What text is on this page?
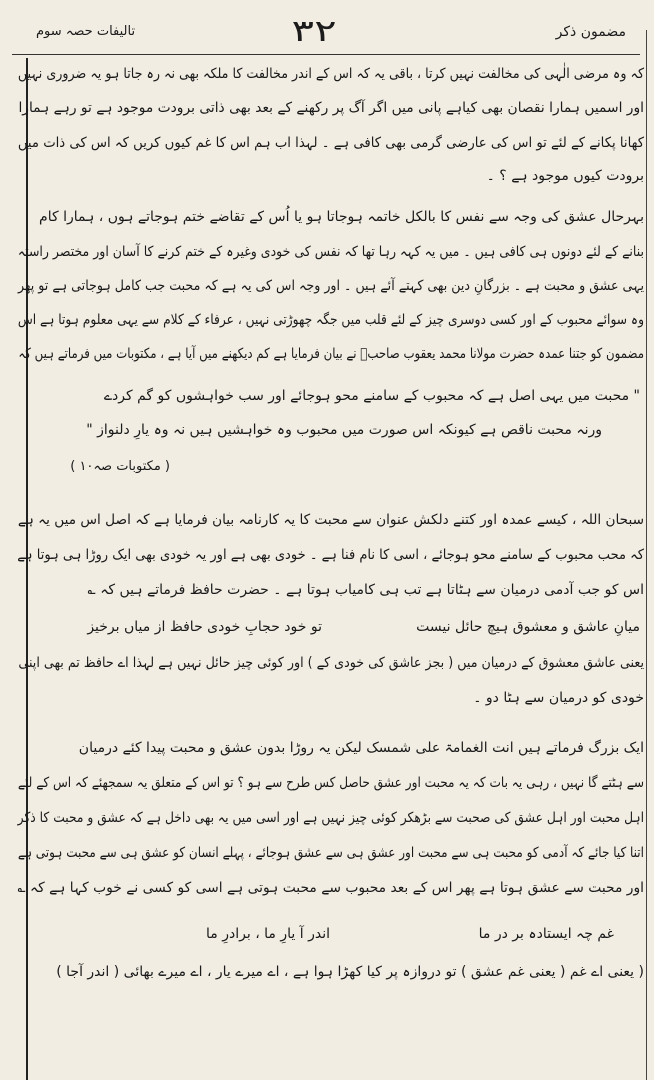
تالیفات حصہ سوم	۳۲	مضمون ذکر
کہ وہ مرضی الٰہی کی مخالفت نہیں کرتا ، باقی یہ کہ اس کے اندر مخالفت کا ملکہ بھی نہ رہ جاتا ہو یہ ضروری نہیں
اور اسمیں ہمارا نقصان بھی کیاہے پانی میں اگر آگ پر رکھنے کے بعد بھی ذاتی برودت موجود ہے تو رہے ہمارا
کھانا پکانے کے لئے تو اس کی عارضی گرمی بھی کافی ہے ۔ لہذا اب ہم اس کا غم کیوں کریں کہ اس کی ذات میں
برودت کیوں موجود ہے ؟ ۔
بہرحال عشق کی وجہ سے نفس کا بالکل خاتمہ ہوجاتا ہو یا اُس کے تقاضے ختم ہوجاتے ہوں ، ہمارا کام
بنانے کے لئے دونوں ہی کافی ہیں ۔ میں یہ کہہ رہا تھا کہ نفس کی خودی وغیرہ کے ختم کرنے کا آسان اور مختصر راستہ
یہی عشق و محبت ہے ۔ بزرگانِ دین بھی کہتے آئے ہیں ۔ اور وجہ اس کی یہ ہے کہ محبت جب کامل ہوجاتی ہے تو پھر
وہ سوائے محبوب کے اور کسی دوسری چیز کے لئے قلب میں جگہ چھوڑتی نہیں ، عرفاء کے کلام سے یہی معلوم ہوتا ہے اس
مضمون کو جتنا عمدہ حضرت مولانا محمد یعقوب صاحبؒ نے بیان فرمایا ہے کم دیکھنے میں آیا ہے ، مکتوبات میں فرماتے ہیں کہ
" محبت میں یہی اصل ہے کہ محبوب کے سامنے محو ہوجائے اور سب خواہشوں کو گم کردے
ورنہ محبت ناقص ہے کیونکہ اس صورت میں محبوب وہ خواہشیں ہیں نہ وہ یارِ دلنواز "
( مکتوبات صہ۱۰ )
سبحان اللہ ، کیسے عمدہ اور کتنے دلکش عنوان سے محبت کا یہ کارنامہ بیان فرمایا ہے کہ اصل اس میں یہ ہے
کہ محب محبوب کے سامنے محو ہوجائے ، اسی کا نام فنا ہے ۔ خودی بھی ہے اور یہ خودی بھی ایک روڑا ہی ہوتا ہے
اس کو جب آدمی درمیان سے ہٹاتا ہے تب ہی کامیاب ہوتا ہے ۔ حضرت حافظ فرماتے ہیں کہ ؎
میانِ عاشق و معشوق ہیچ حائل نیست
تو خود حجابِ خودی حافظ از میاں برخیز
یعنی عاشق معشوق کے درمیان میں ( بجز عاشق کی خودی کے ) اور کوئی چیز حائل نہیں ہے لہذا اے حافظ تم بھی اپنی
خودی کو درمیان سے ہٹا دو ۔
ایک بزرگ فرماتے ہیں انت الغمامۃ علی شمسک لیکن یہ روڑا بدون عشق و محبت پیدا کئے درمیان
سے ہٹتے گا نہیں ، رہی یہ بات کہ یہ محبت اور عشق حاصل کس طرح سے ہو ؟ تو اس کے متعلق یہ سمجھئے کہ اس کے لئے
اہل محبت اور اہل عشق کی صحبت سے بڑھکر کوئی چیز نہیں ہے اور اسی میں یہ بھی داخل ہے کہ عشق و محبت کا ذکر
اتنا کیا جائے کہ آدمی کو محبت ہی سے محبت اور عشق ہی سے عشق ہوجائے ، پہلے انسان کو عشق ہی سے محبت ہوتی ہے
اور محبت سے عشق ہوتا ہے پھر اس کے بعد محبوب سے محبت ہوتی ہے اسی کو کسی نے خوب کہا ہے کہ ؎
غم چہ ایستادہ بر در ما
اندر آ یارِ ما ، برادرِ ما
( یعنی اے غم ( یعنی غم عشق ) تو دروازہ پر کیا کھڑا ہوا ہے ، اے میرے یار ، اے میرے بھائی ( اندر آجا )
